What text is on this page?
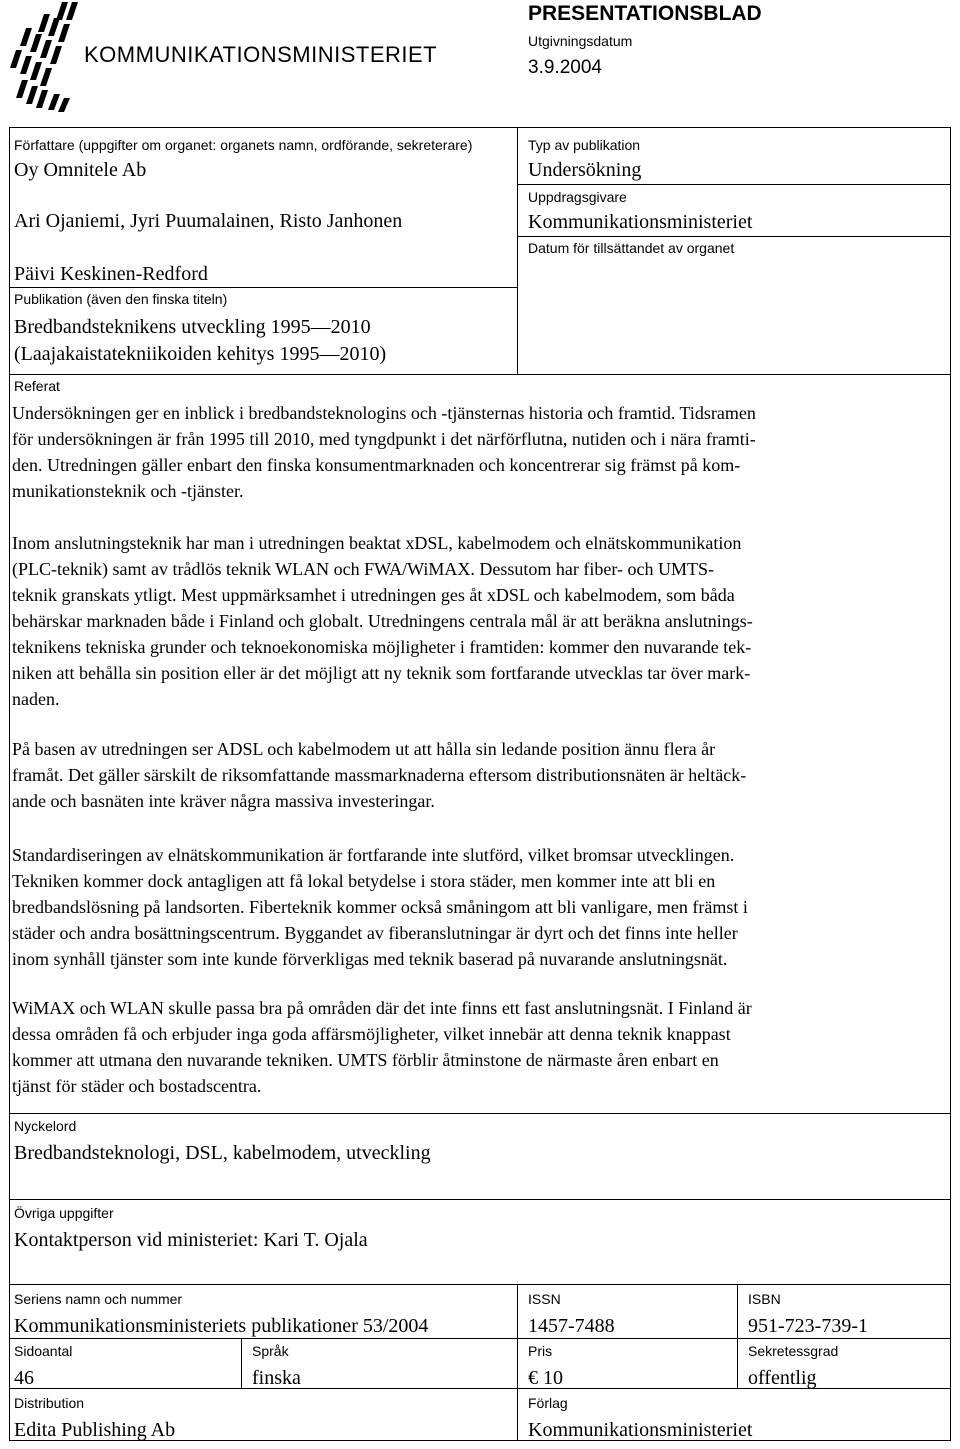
KOMMUNIKATIONSMINISTERIET
PRESENTATIONSBLAD
Utgivningsdatum
3.9.2004
Författare (uppgifter om organet: organets namn, ordförande, sekreterare)
Oy Omnitele Ab
Ari Ojaniemi, Jyri Puumalainen, Risto Janhonen
Päivi Keskinen-Redford
Publikation (även den finska titeln)
Bredbandsteknikens utveckling 1995—2010
(Laajakaistatekniikoiden kehitys 1995—2010)
Typ av publikation
Undersökning
Uppdragsgivare
Kommunikationsministeriet
Datum för tillsättandet av organet
Referat
Undersökningen ger en inblick i bredbandsteknologins och -tjänsternas historia och framtid. Tidsramen
för undersökningen är från 1995 till 2010, med tyngdpunkt i det närförflutna, nutiden och i nära framti-
den. Utredningen gäller enbart den finska konsumentmarknaden och koncentrerar sig främst på kom-
munikationsteknik och -tjänster.
Inom anslutningsteknik har man i utredningen beaktat xDSL, kabelmodem och elnätskommunikation
(PLC-teknik) samt av trådlös teknik WLAN och FWA/WiMAX. Dessutom har fiber- och UMTS-
teknik granskats ytligt. Mest uppmärksamhet i utredningen ges åt xDSL och kabelmodem, som båda
behärskar marknaden både i Finland och globalt. Utredningens centrala mål är att beräkna anslutnings-
teknikens tekniska grunder och teknoekonomiska möjligheter i framtiden: kommer den nuvarande tek-
niken att behålla sin position eller är det möjligt att ny teknik som fortfarande utvecklas tar över mark-
naden.
På basen av utredningen ser ADSL och kabelmodem ut att hålla sin ledande position ännu flera år
framåt. Det gäller särskilt de riksomfattande massmarknaderna eftersom distributionsnäten är heltäck-
ande och basnäten inte kräver några massiva investeringar.
Standardiseringen av elnätskommunikation är fortfarande inte slutförd, vilket bromsar utvecklingen.
Tekniken kommer dock antagligen att få lokal betydelse i stora städer, men kommer inte att bli en
bredbandslösning på landsorten. Fiberteknik kommer också småningom att bli vanligare, men främst i
städer och andra bosättningscentrum. Byggandet av fiberanslutningar är dyrt och det finns inte heller
inom synhåll tjänster som inte kunde förverkligas med teknik baserad på nuvarande anslutningsnät.
WiMAX och WLAN skulle passa bra på områden där det inte finns ett fast anslutningsnät. I Finland är
dessa områden få och erbjuder inga goda affärsmöjligheter, vilket innebär att denna teknik knappast
kommer att utmana den nuvarande tekniken. UMTS förblir åtminstone de närmaste åren enbart en
tjänst för städer och bostadscentra.
Nyckelord
Bredbandsteknologi, DSL, kabelmodem, utveckling
Övriga uppgifter
Kontaktperson vid ministeriet: Kari T. Ojala
Seriens namn och nummer
Kommunikationsministeriets publikationer 53/2004
ISSN
1457-7488
ISBN
951-723-739-1
Sidoantal
46
Språk
finska
Pris
€ 10
Sekretessgrad
offentlig
Distribution
Edita Publishing Ab
Förlag
Kommunikationsministeriet
